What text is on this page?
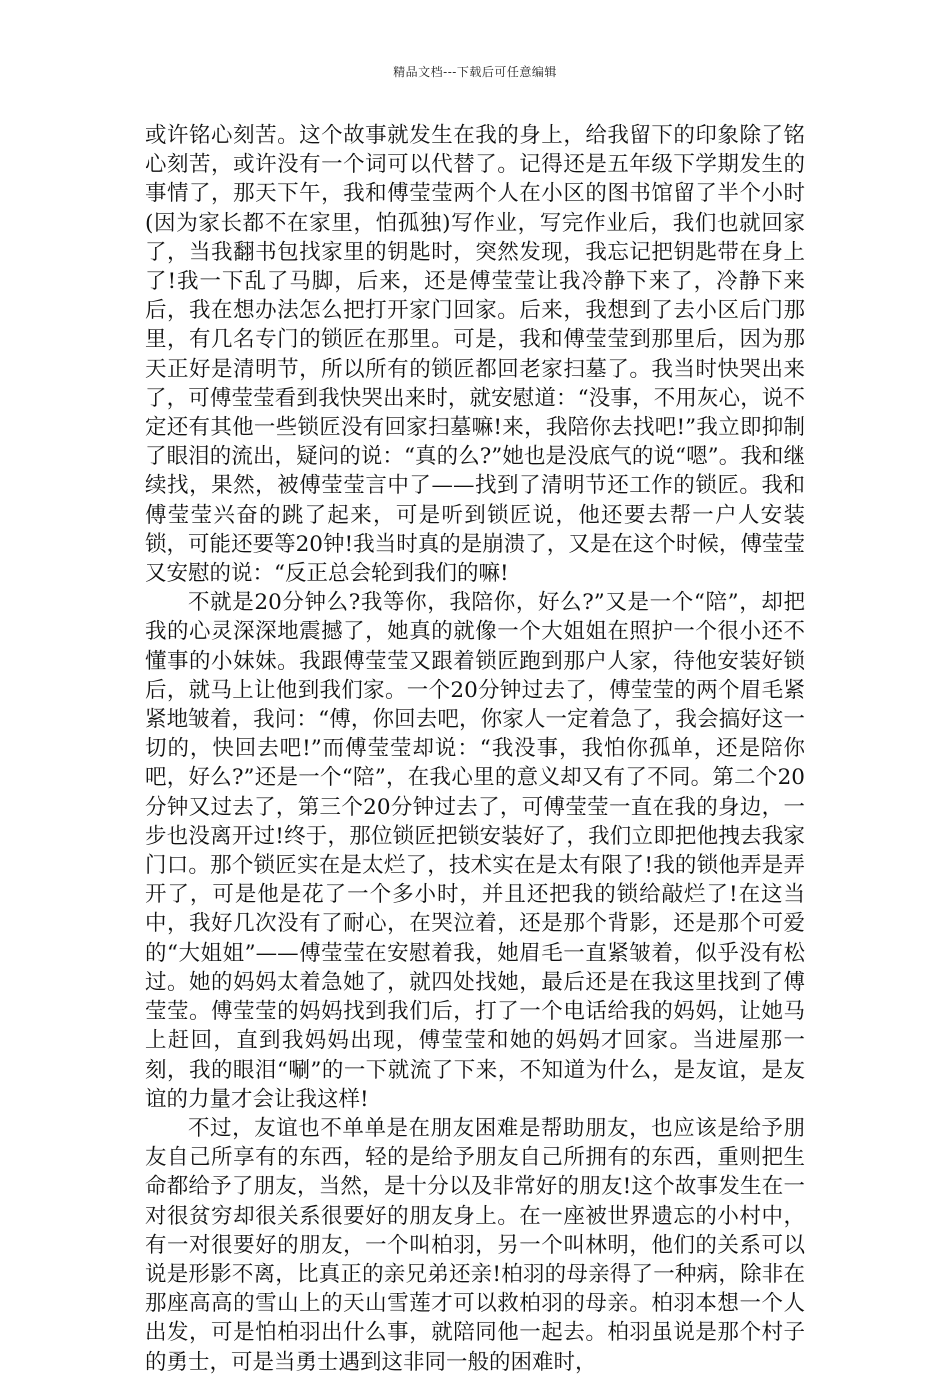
精品文档---下载后可任意编辑

或许铭心刻苦。这个故事就发生在我的身上，给我留下的印象除了铭心刻苦，或许没有一个词可以代替了。记得还是五年级下学期发生的事情了，那天下午，我和傅莹莹两个人在小区的图书馆留了半个小时(因为家长都不在家里，怕孤独)写作业，写完作业后，我们也就回家了，当我翻书包找家里的钥匙时，突然发现，我忘记把钥匙带在身上了!我一下乱了马脚，后来，还是傅莹莹让我冷静下来了，冷静下来后，我在想办法怎么把打开家门回家。后来，我想到了去小区后门那里，有几名专门的锁匠在那里。可是，我和傅莹莹到那里后，因为那天正好是清明节，所以所有的锁匠都回老家扫墓了。我当时快哭出来了，可傅莹莹看到我快哭出来时，就安慰道：“没事，不用灰心，说不定还有其他一些锁匠没有回家扫墓嘛!来，我陪你去找吧!”我立即抑制了眼泪的流出，疑问的说：“真的么?”她也是没底气的说“嗯”。我和继续找，果然，被傅莹莹言中了——找到了清明节还工作的锁匠。我和傅莹莹兴奋的跳了起来，可是听到锁匠说，他还要去帮一户人安装锁，可能还要等20钟!我当时真的是崩溃了，又是在这个时候，傅莹莹又安慰的说：“反正总会轮到我们的嘛!

不就是20分钟么?我等你，我陪你，好么?”又是一个“陪”，却把我的心灵深深地震撼了，她真的就像一个大姐姐在照护一个很小还不懂事的小妹妹。我跟傅莹莹又跟着锁匠跑到那户人家，待他安装好锁后，就马上让他到我们家。一个20分钟过去了，傅莹莹的两个眉毛紧紧地皱着，我问：“傅，你回去吧，你家人一定着急了，我会搞好这一切的，快回去吧!”而傅莹莹却说：“我没事，我怕你孤单，还是陪你吧，好么?”还是一个“陪”，在我心里的意义却又有了不同。第二个20分钟又过去了，第三个20分钟过去了，可傅莹莹一直在我的身边，一步也没离开过!终于，那位锁匠把锁安装好了，我们立即把他拽去我家门口。那个锁匠实在是太烂了，技术实在是太有限了!我的锁他弄是弄开了，可是他是花了一个多小时，并且还把我的锁给敲烂了!在这当中，我好几次没有了耐心，在哭泣着，还是那个背影，还是那个可爱的“大姐姐”——傅莹莹在安慰着我，她眉毛一直紧皱着，似乎没有松过。她的妈妈太着急她了，就四处找她，最后还是在我这里找到了傅莹莹。傅莹莹的妈妈找到我们后，打了一个电话给我的妈妈，让她马上赶回，直到我妈妈出现，傅莹莹和她的妈妈才回家。当进屋那一刻，我的眼泪“唰”的一下就流了下来，不知道为什么，是友谊，是友谊的力量才会让我这样!

不过，友谊也不单单是在朋友困难是帮助朋友，也应该是给予朋友自己所享有的东西，轻的是给予朋友自己所拥有的东西，重则把生命都给予了朋友，当然，是十分以及非常好的朋友!这个故事发生在一对很贫穷却很关系很要好的朋友身上。在一座被世界遗忘的小村中，有一对很要好的朋友，一个叫柏羽，另一个叫林明，他们的关系可以说是形影不离，比真正的亲兄弟还亲!柏羽的母亲得了一种病，除非在那座高高的雪山上的天山雪莲才可以救柏羽的母亲。柏羽本想一个人出发，可是怕柏羽出什么事，就陪同他一起去。柏羽虽说是那个村子的勇士，可是当勇士遇到这非同一般的困难时，
